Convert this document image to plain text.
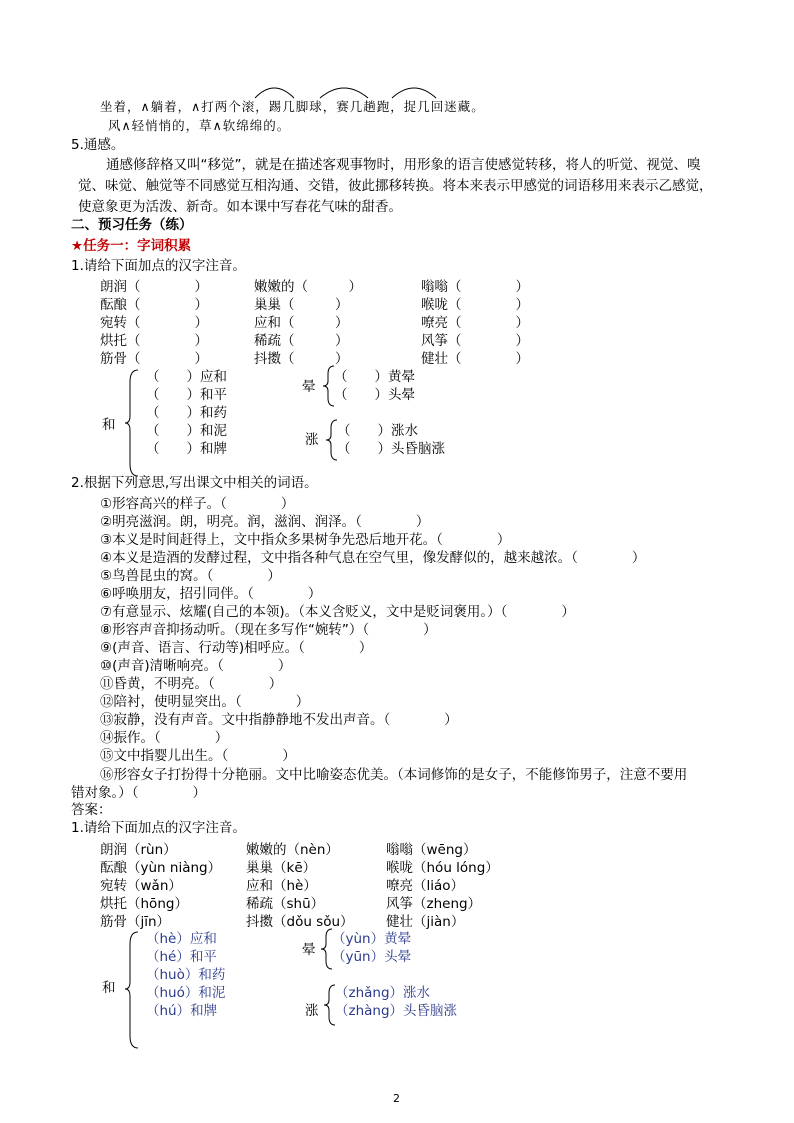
坐着，∧躺着，∧打两个滚，踢几脚球，赛几趟跑，捉几回迷藏。
风∧轻悄悄的，草∧软绵绵的。
5.通感。
通感修辞格又叫“移觉”，就是在描述客观事物时，用形象的语言使感觉转移，将人的听觉、视觉、嗅觉、味觉、触觉等不同感觉互相沟通、交错，彼此挪移转换。将本来表示甲感觉的词语移用来表示乙感觉，使意象更为活泼、新奇。如本课中写春花气味的甜香。
二、预习任务（练）
★任务一：字词积累
1.请给下面加点的汉字注音。
朗润（　　　　）	嫩嫩的（　　　）	嗡嗡（　　　　）
酝酿（　　　　）	巢巢（　　　）	喉咙（　　　　）
宛转（　　　　）	应和（　　　）	嘹亮（　　　　）
烘托（　　　　）	稀疏（　　　）	风筝（　　　　）
筋骨（　　　　）	抖擞（　　　）	健壮（　　　　）
和
（　　）应和
（　　）和平
（　　）和药
（　　）和泥
（　　）和牌
晕
（　　）黄晕
（　　）头晕
涨
（　　）涨水
（　　）头昏脑涨
2.根据下列意思,写出课文中相关的词语。
①形容高兴的样子。（　　　　）
②明亮滋润。朗，明亮。润，滋润、润泽。（　　　　）
③本义是时间赶得上，文中指众多果树争先恐后地开花。（　　　　）
④本义是造酒的发酵过程，文中指各种气息在空气里，像发酵似的，越来越浓。（　　　　）
⑤鸟兽昆虫的窝。（　　　　）
⑥呼唤朋友，招引同伴。（　　　　）
⑦有意显示、炫耀(自己的本领)。（本义含贬义，文中是贬词褒用。）（　　　　）
⑧形容声音抑扬动听。（现在多写作“婉转”）（　　　　）
⑨(声音、语言、行动等)相呼应。（　　　　）
⑩(声音)清晰响亮。（　　　　）
⑪昏黄，不明亮。（　　　　）
⑫陪衬，使明显突出。（　　　　）
⑬寂静，没有声音。文中指静静地不发出声音。（　　　　）
⑭振作。（　　　　）
⑮文中指婴儿出生。（　　　　）
⑯形容女子打扮得十分艳丽。文中比喻姿态优美。（本词修饰的是女子，不能修饰男子，注意不要用
错对象。）（　　　　）
答案：
1.请给下面加点的汉字注音。
朗润（rùn）	嫩嫩的（nèn）	嗡嗡（wēng）
酝酿（yùn niàng） 巢巢（kē）	喉咙（hóu lóng）
宛转（wǎn）	应和（hè）	嘹亮（liáo）
烘托（hōng）	稀疏（shū）	风筝（zheng）
筋骨（jīn）	抖擞（dǒu sǒu） 健壮（jiàn）
和
（hè）应和
（hé）和平
（huò）和药
（huó）和泥
（hú）和牌
晕
（yùn）黄晕
（yūn）头晕
涨
（zhǎng）涨水
（zhàng）头昏脑涨
2
